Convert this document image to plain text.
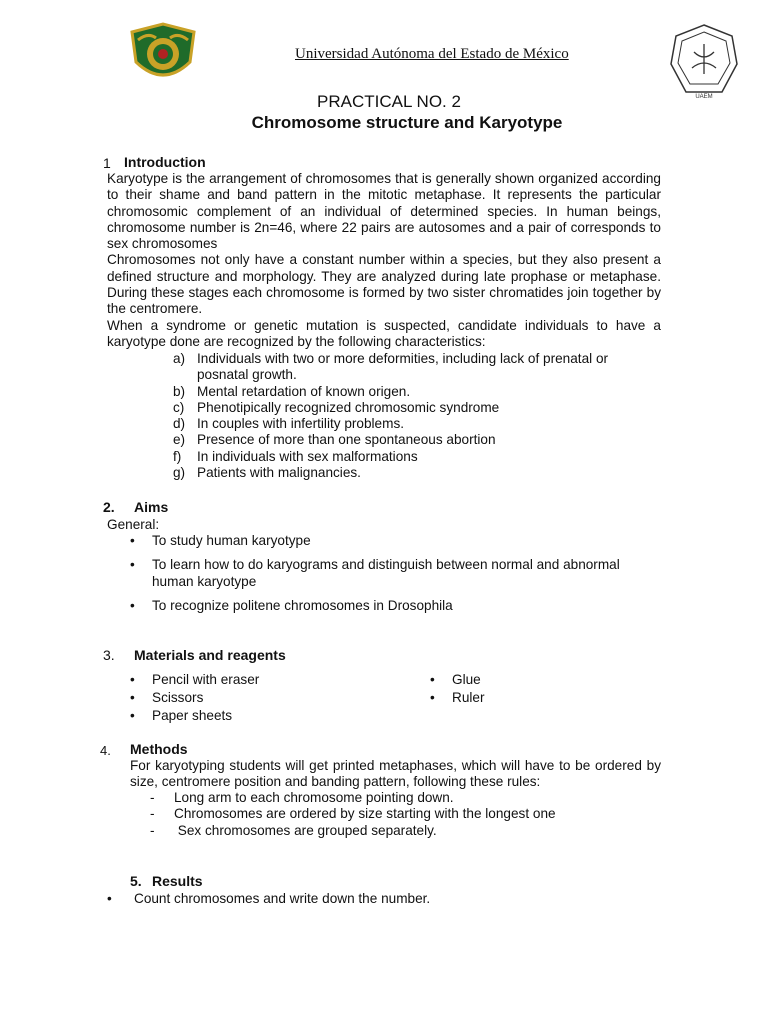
Universidad Autónoma del Estado de México
UAEM
PRACTICAL NO. 2
Chromosome structure and Karyotype
1 Introduction

Karyotype is the arrangement of chromosomes that is generally shown organized according to their shame and band pattern in the mitotic metaphase. It represents the particular chromosomic complement of an individual of determined species. In human beings, chromosome number is 2n=46, where 22 pairs are autosomes and a pair of corresponds to sex chromosomes

Chromosomes not only have a constant number within a species, but they also present a defined structure and morphology. They are analyzed during late prophase or metaphase. During these stages each chromosome is formed by two sister chromatides join together by the centromere.

When a syndrome or genetic mutation is suspected, candidate individuals to have a karyotype done are recognized by the following characteristics:

a) Individuals with two or more deformities, including lack of prenatal or posnatal growth.
b) Mental retardation of known origen.
c) Phenotipically recognized chromosomic syndrome
d) In couples with infertility problems.
e) Presence of more than one spontaneous abortion
f)	In individuals with sex malformations
g) Patients with malignancies.
2. Aims
General:
•	To study human karyotype
•	To learn how to do karyograms and distinguish between normal and abnormal human karyotype
•	To recognize politene chromosomes in Drosophila
3. Materials and reagents
•	Pencil with eraser
•	Scissors
•	Paper sheets
•	Glue
•	Ruler
4. Methods
For karyotyping students will get printed metaphases, which will have to be ordered by size, centromere position and banding pattern, following these rules:
-	Long arm to each chromosome pointing down.
-	Chromosomes are ordered by size starting with the longest one
-	Sex chromosomes are grouped separately.
5. Results
•	Count chromosomes and write down the number.
